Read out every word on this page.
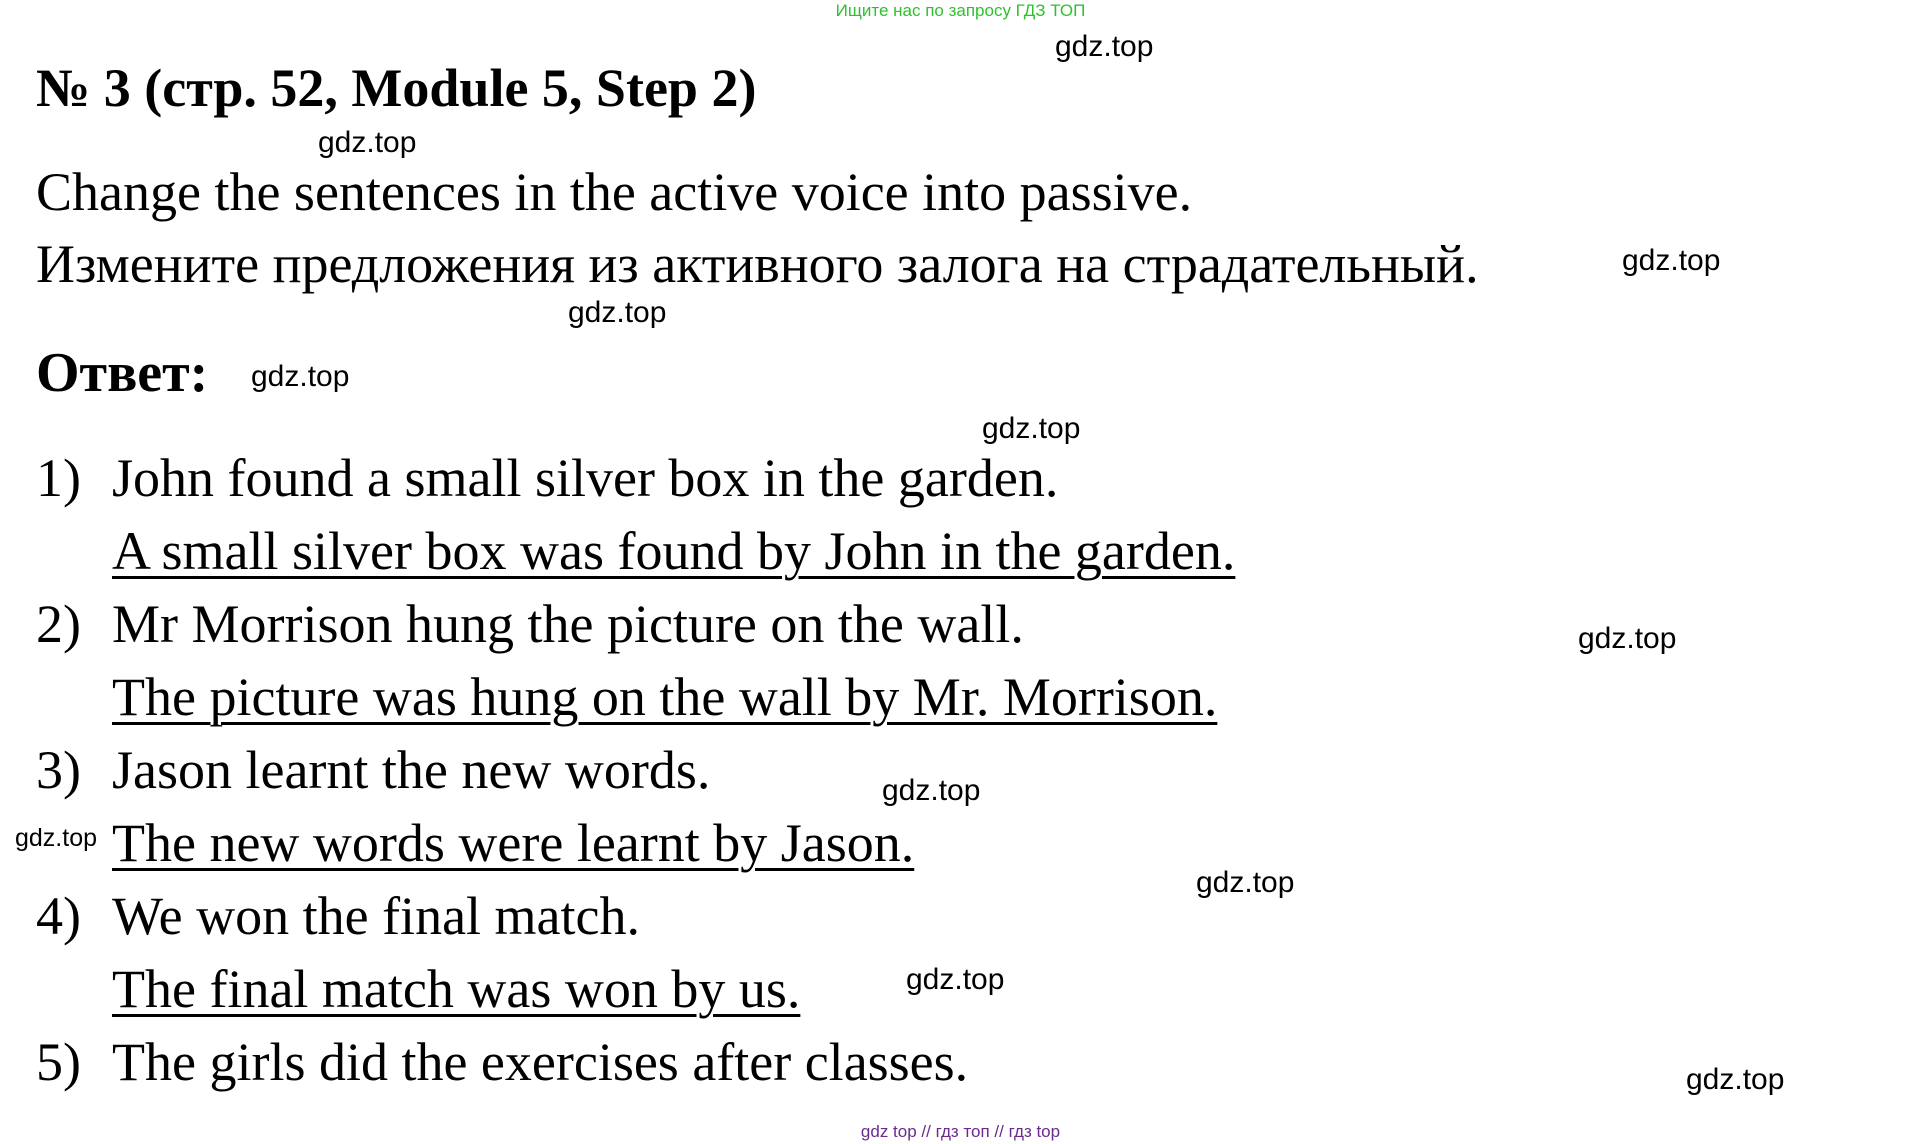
Ищите нас по запросу ГДЗ ТОП
№ 3 (стр. 52, Module 5, Step 2)
Change the sentences in the active voice into passive.
Измените предложения из активного залога на страдательный.
Ответ:
1) John found a small silver box in the garden.
A small silver box was found by John in the garden.
2) Mr Morrison hung the picture on the wall.
The picture was hung on the wall by Mr. Morrison.
3) Jason learnt the new words.
The new words were learnt by Jason.
4) We won the final match.
The final match was won by us.
5) The girls did the exercises after classes.
gdz.top
gdz.top
gdz.top
gdz.top
gdz.top
gdz.top
gdz.top
gdz.top
gdz.top
gdz.top
gdz.top
gdz.top
gdz top // гдз топ // гдз top
